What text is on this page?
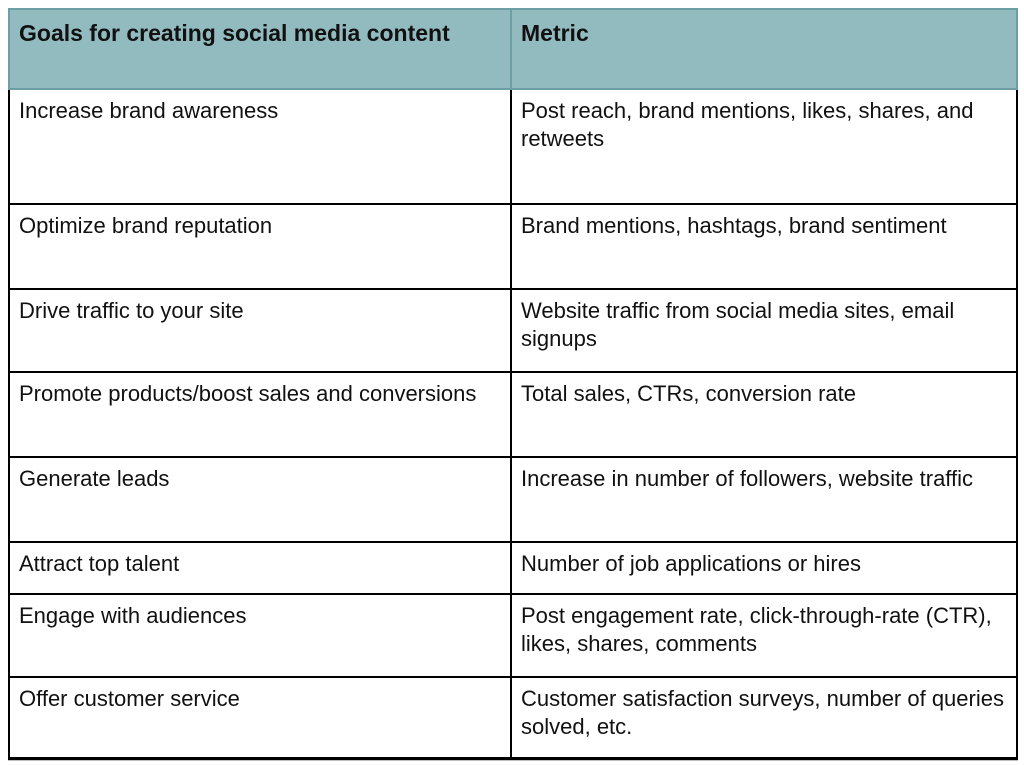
Goals for creating social media content	Metric
Increase brand awareness	Post reach, brand mentions, likes, shares, and retweets
Optimize brand reputation	Brand mentions, hashtags, brand sentiment
Drive traffic to your site	Website traffic from social media sites, email signups
Promote products/boost sales and conversions	Total sales, CTRs, conversion rate
Generate leads	Increase in number of followers, website traffic
Attract top talent	Number of job applications or hires
Engage with audiences	Post engagement rate, click-through-rate (CTR), likes, shares, comments
Offer customer service	Customer satisfaction surveys, number of queries solved, etc.
